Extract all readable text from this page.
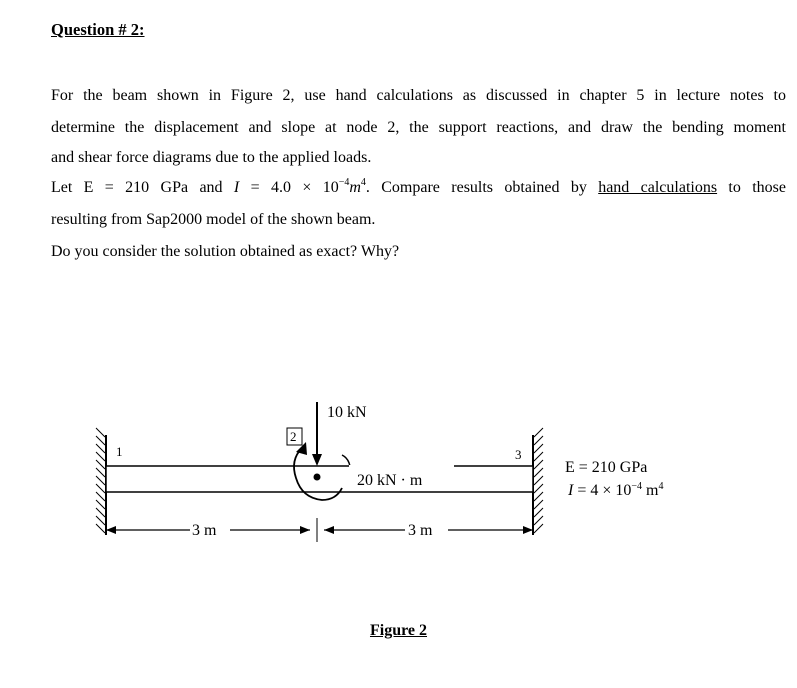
Question # 2:
For the beam shown in Figure 2, use hand calculations as discussed in chapter 5 in lecture notes to
determine the displacement and slope at node 2, the support reactions, and draw the bending moment
and shear force diagrams due to the applied loads.
Let E = 210 GPa and $I = 4.0 \times 10^{-4}m^4$. Compare results obtained by hand calculations to those
resulting from Sap2000 model of the shown beam.
Do you consider the solution obtained as exact? Why?
1
2
3
10 kN
20 kN · m
3 m	3 m
E = 210 GPa
$I = 4 \times 10^{-4}$ $m^4$
Figure 2
